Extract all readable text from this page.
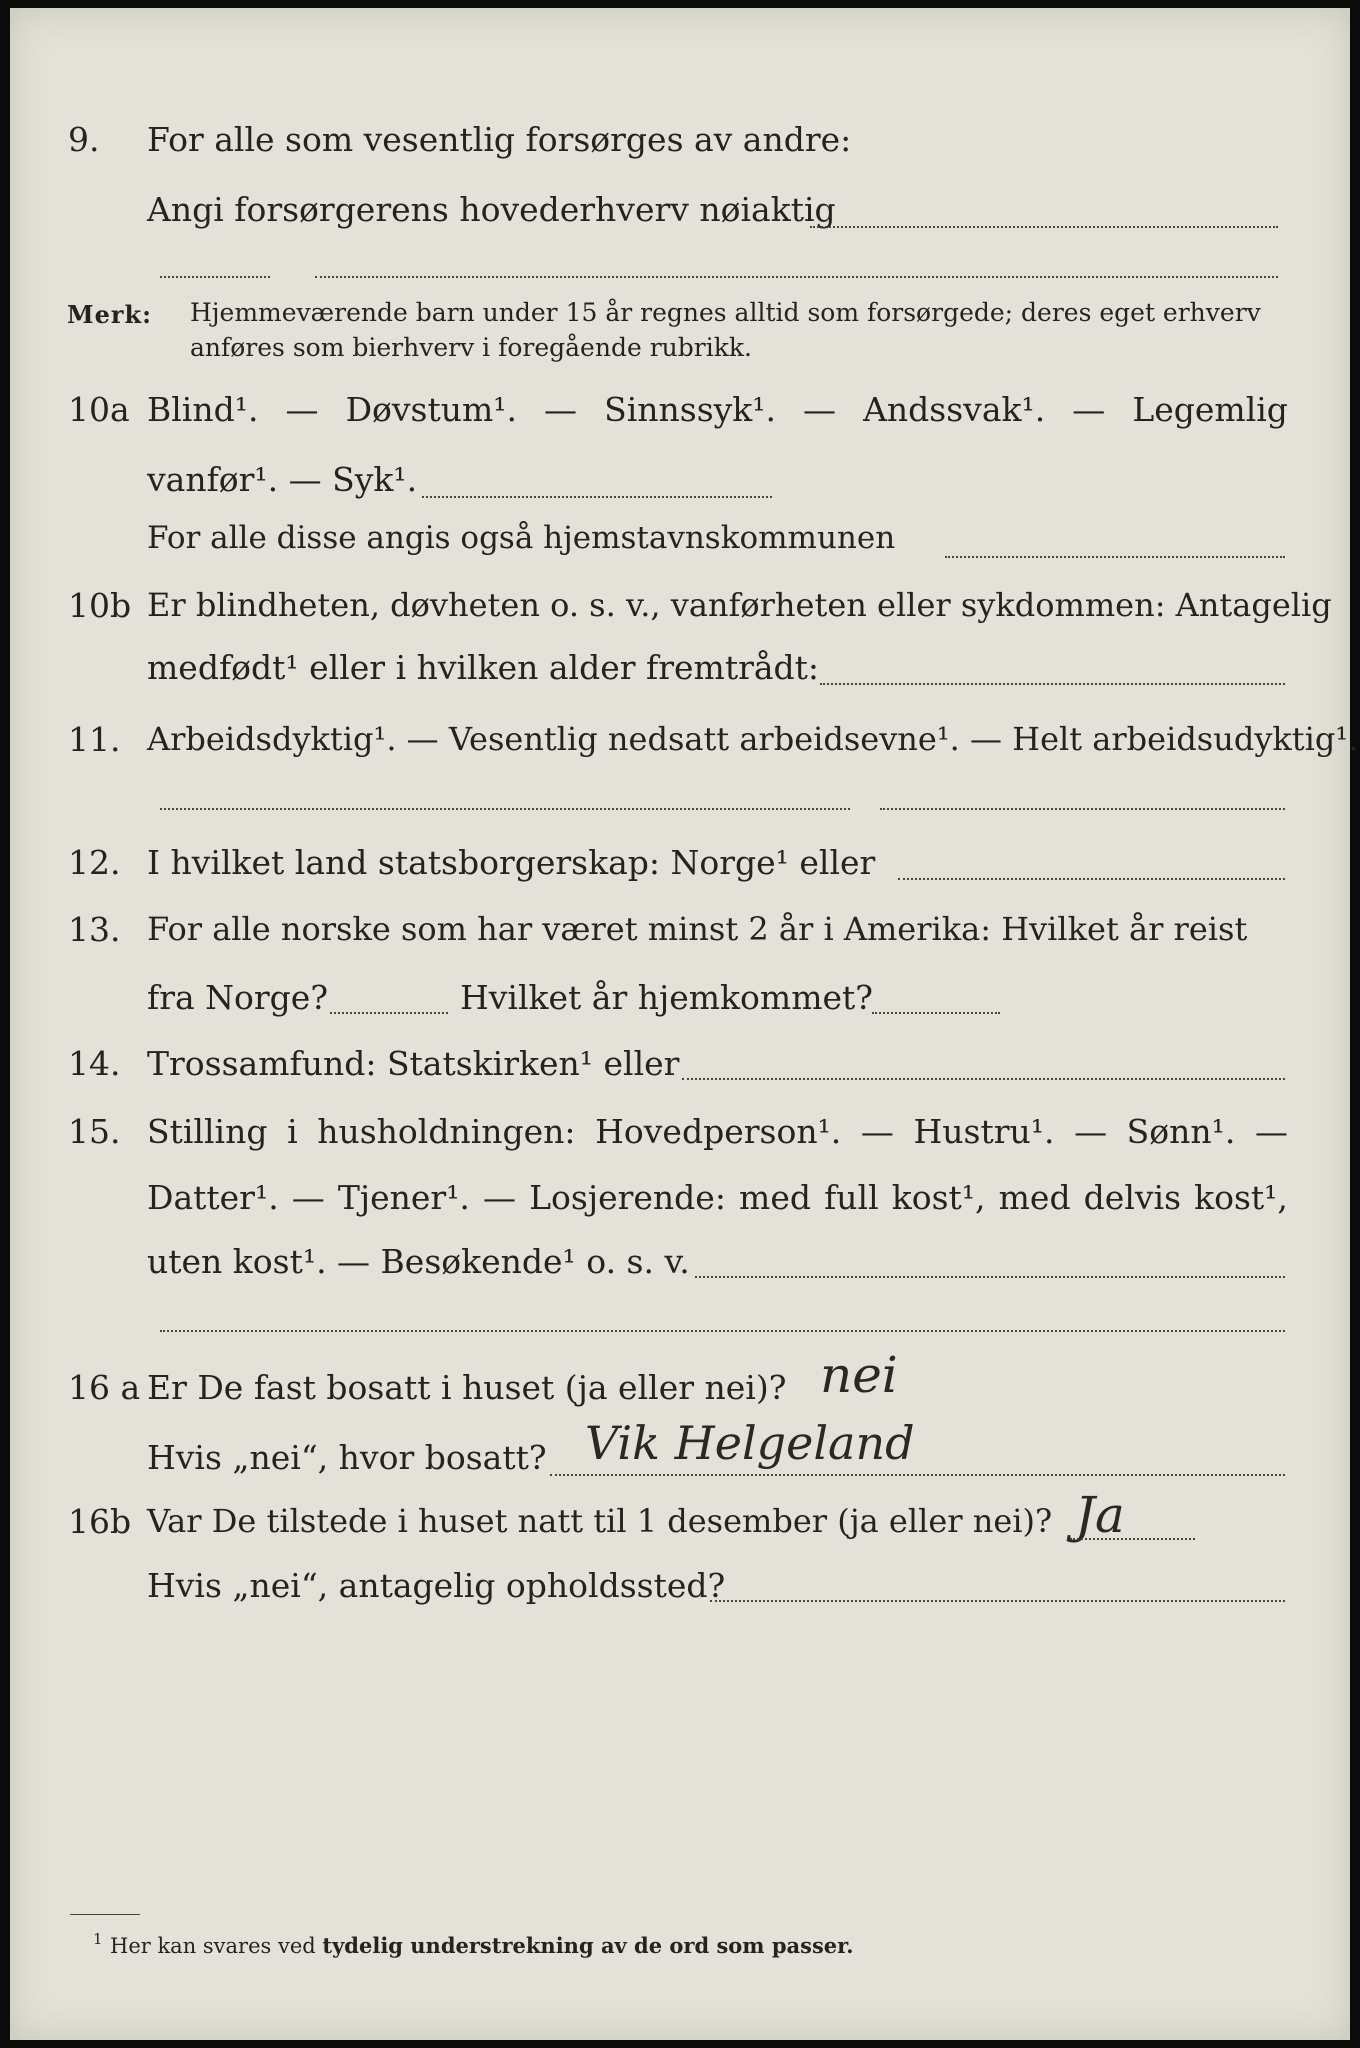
9. For alle som vesentlig forsørges av andre:
Angi forsørgerens hovederhverv nøiaktig
Merk: Hjemmeværende barn under 15 år regnes alltid som forsørgede; deres eget erhverv
anføres som bierhverv i foregående rubrikk.
10a Blind¹. — Døvstum¹. — Sinnssyk¹. — Andssvak¹. — Legemlig
vanfør¹. — Syk¹.
For alle disse angis også hjemstavnskommunen
10b Er blindheten, døvheten o. s. v., vanførheten eller sykdommen: Antagelig
medfødt¹ eller i hvilken alder fremtrådt:
11. Arbeidsdyktig¹. — Vesentlig nedsatt arbeidsevne¹. — Helt arbeidsudyktig¹.
12. I hvilket land statsborgerskap: Norge¹ eller
13. For alle norske som har været minst 2 år i Amerika: Hvilket år reist
fra Norge?	Hvilket år hjemkommet?
14. Trossamfund: Statskirken¹ eller
15. Stilling i husholdningen: Hovedperson¹. — Hustru¹. — Sønn¹. —
Datter¹. — Tjener¹. — Losjerende: med full kost¹, med delvis kost¹,
uten kost¹. — Besøkende¹ o. s. v.
16 a Er De fast bosatt i huset (ja eller nei)? nei
Hvis „nei“, hvor bosatt? Vik Helgeland
16b Var De tilstede i huset natt til 1 desember (ja eller nei)? Ja
Hvis „nei“, antagelig opholdssted?
1 Her kan svares ved tydelig understrekning av de ord som passer.
